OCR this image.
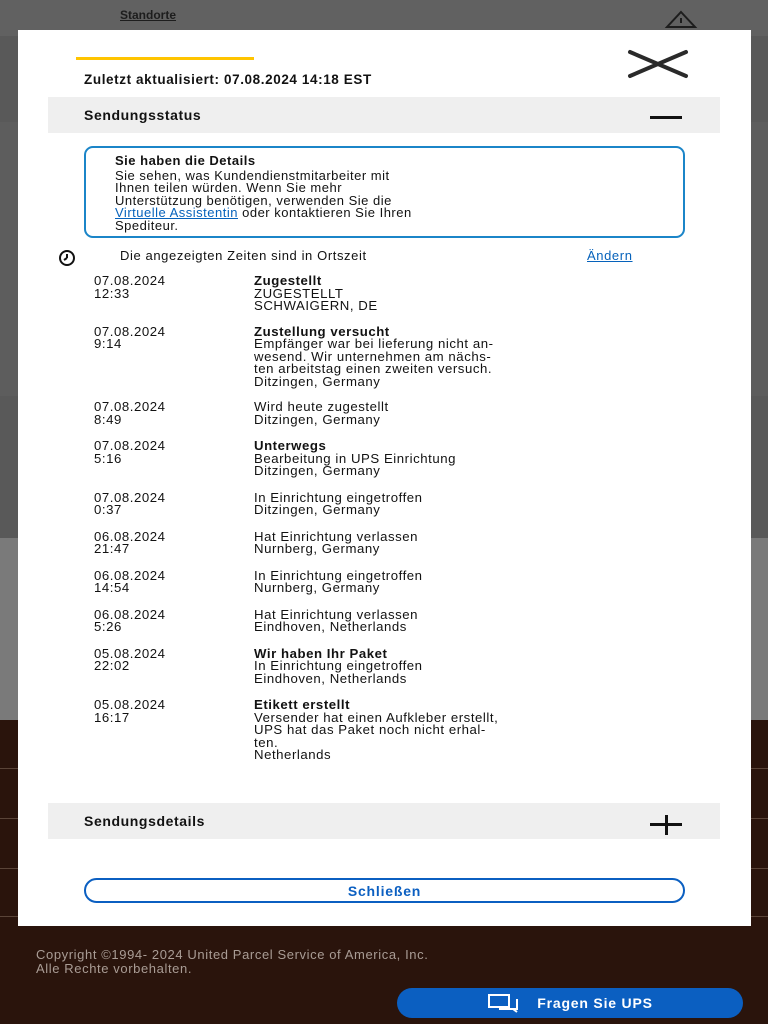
Standorte
Copyright ©1994- 2024 United Parcel Service of America, Inc.
Alle Rechte vorbehalten.
Fragen Sie UPS
Zuletzt aktualisiert: 07.08.2024 14:18 EST
Sendungsstatus
Sie haben die Details
Sie sehen, was Kundendienstmitarbeiter mit
Ihnen teilen würden. Wenn Sie mehr
Unterstützung benötigen, verwenden Sie die
Virtuelle Assistentin oder kontaktieren Sie Ihren
Spediteur.
Die angezeigten Zeiten sind in Ortszeit	Ändern
07.08.2024
12:33
Zugestellt
ZUGESTELLT
SCHWAIGERN, DE
07.08.2024
9:14
Zustellung versucht
Empfänger war bei lieferung nicht an-
wesend. Wir unternehmen am nächs-
ten arbeitstag einen zweiten versuch.
Ditzingen, Germany
07.08.2024
8:49
Wird heute zugestellt
Ditzingen, Germany
07.08.2024
5:16
Unterwegs
Bearbeitung in UPS Einrichtung
Ditzingen, Germany
07.08.2024
0:37
In Einrichtung eingetroffen
Ditzingen, Germany
06.08.2024
21:47
Hat Einrichtung verlassen
Nurnberg, Germany
06.08.2024
14:54
In Einrichtung eingetroffen
Nurnberg, Germany
06.08.2024
5:26
Hat Einrichtung verlassen
Eindhoven, Netherlands
05.08.2024
22:02
Wir haben Ihr Paket
In Einrichtung eingetroffen
Eindhoven, Netherlands
05.08.2024
16:17
Etikett erstellt
Versender hat einen Aufkleber erstellt,
UPS hat das Paket noch nicht erhal-
ten.
Netherlands
Sendungsdetails
Schließen
